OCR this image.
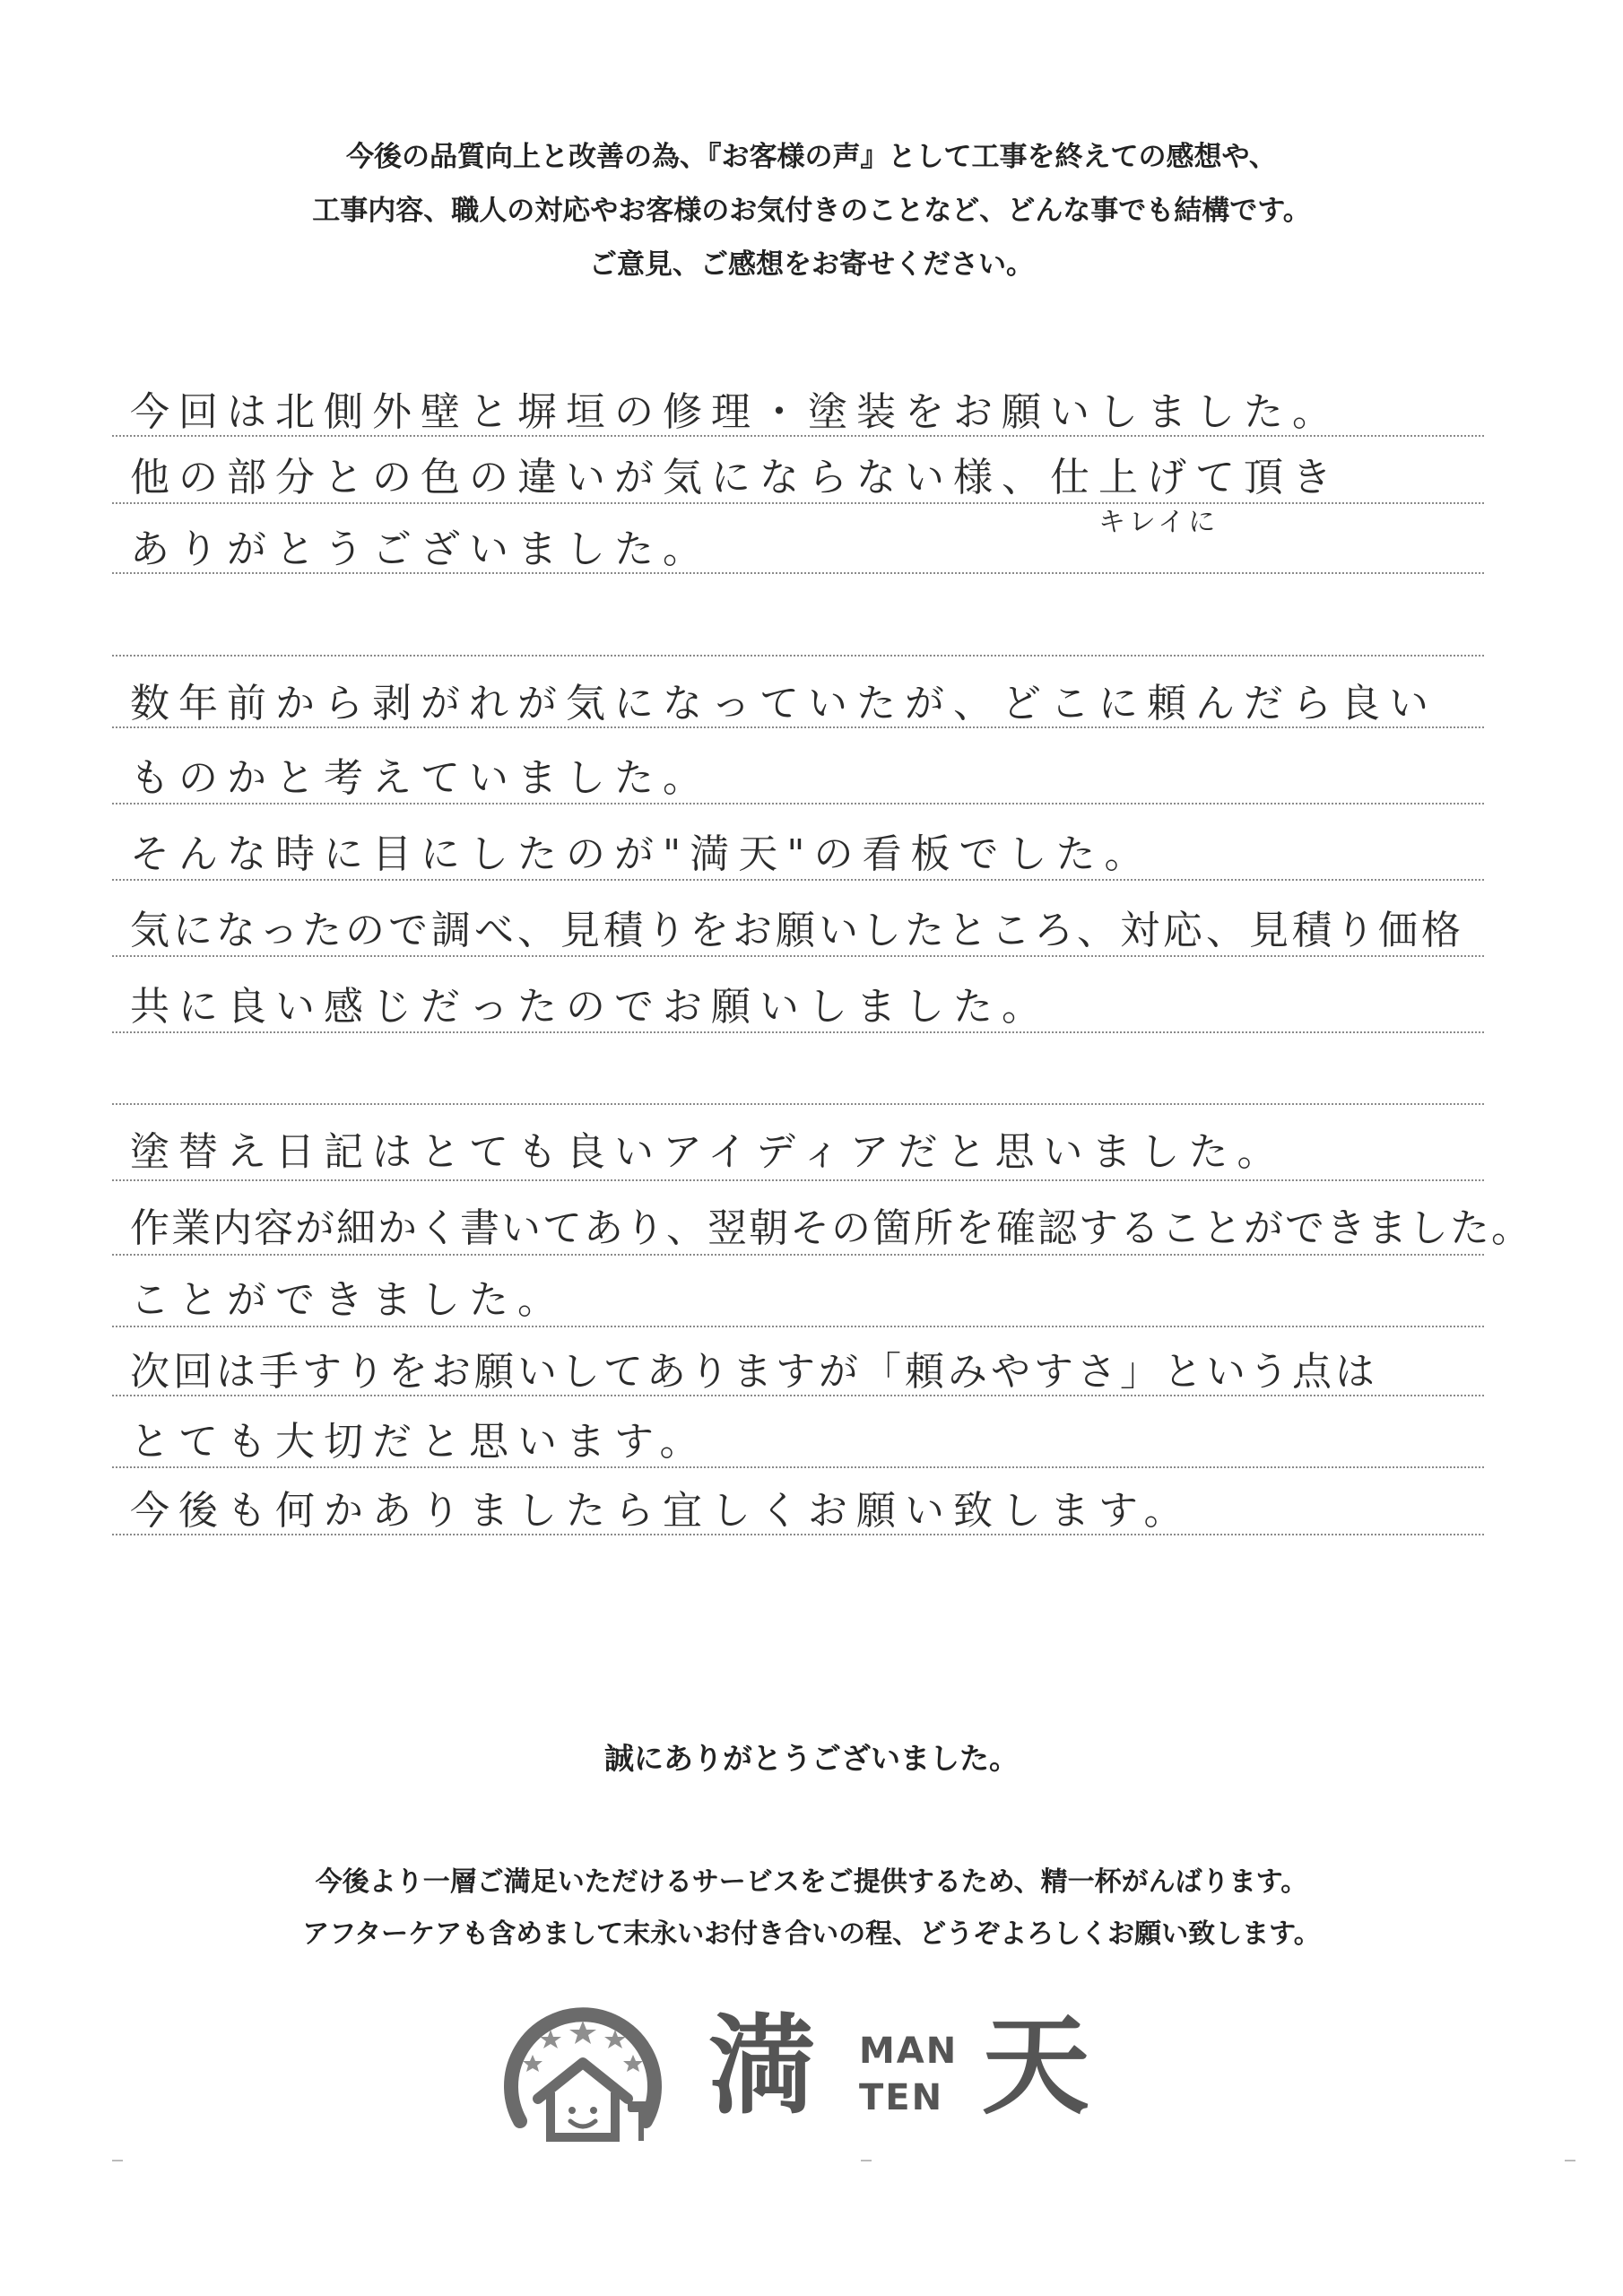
今後の品質向上と改善の為、『お客様の声』として工事を終えての感想や、
工事内容、職人の対応やお客様のお気付きのことなど、どんな事でも結構です。
ご意見、ご感想をお寄せください。
今回は北側外壁と塀垣の修理・塗装をお願いしました。
他の部分との色の違いが気にならない様、仕上げて頂き
キレイに
ありがとうございました。
数年前から剥がれが気になっていたが、どこに頼んだら良い
ものかと考えていました。
そんな時に目にしたのが"満天"の看板でした。
気になったので調べ、見積りをお願いしたところ、対応、見積り価格
共に良い感じだったのでお願いしました。
塗替え日記はとても良いアイディアだと思いました。
作業内容が細かく書いてあり、翌朝その箇所を確認することができました。
ことができました。
次回は手すりをお願いしてありますが「頼みやすさ」という点は
とても大切だと思います。
今後も何かありましたら宜しくお願い致します。
誠にありがとうございました。
今後より一層ご満足いただけるサービスをご提供するため、精一杯がんばります。
アフターケアも含めまして末永いお付き合いの程、どうぞよろしくお願い致します。
満 MAN
TEN 天
